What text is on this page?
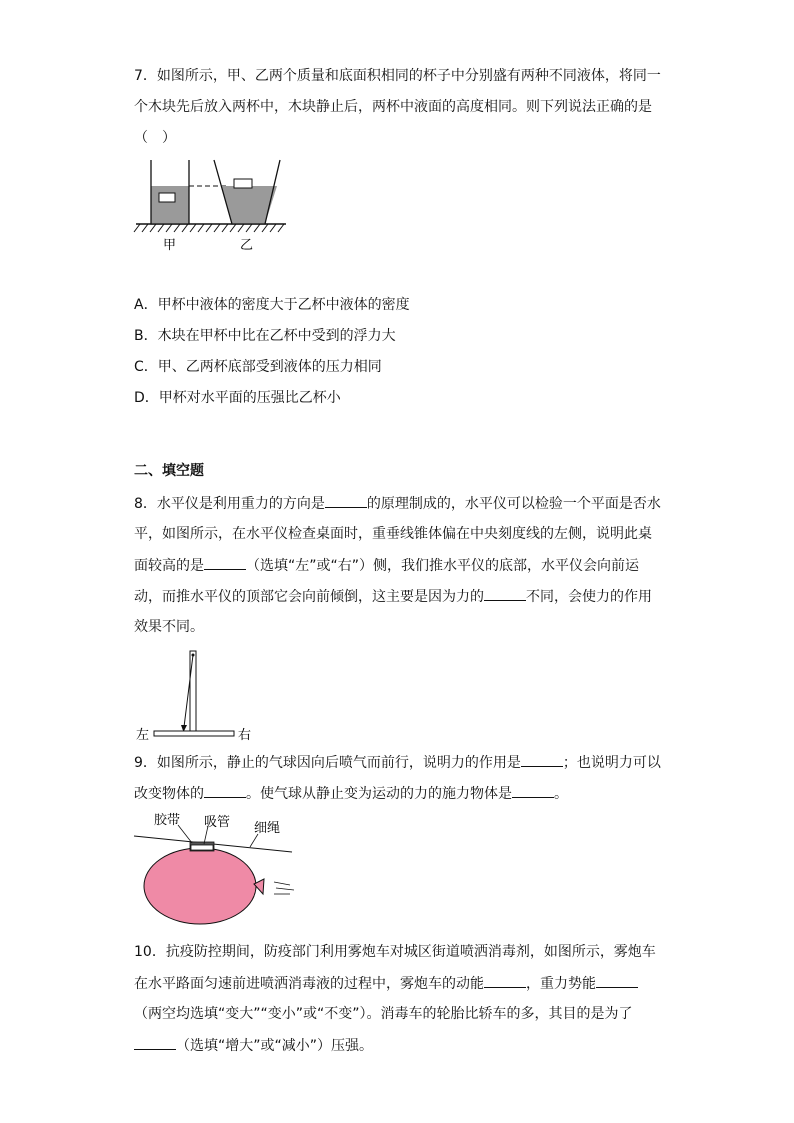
7．如图所示，甲、乙两个质量和底面积相同的杯子中分别盛有两种不同液体，将同一
个木块先后放入两杯中，木块静止后，两杯中液面的高度相同。则下列说法正确的是
（　）
甲	乙
A．甲杯中液体的密度大于乙杯中液体的密度
B．木块在甲杯中比在乙杯中受到的浮力大
C．甲、乙两杯底部受到液体的压力相同
D．甲杯对水平面的压强比乙杯小
二、填空题
8．水平仪是利用重力的方向是	的原理制成的，水平仪可以检验一个平面是否水
平，如图所示，在水平仪检查桌面时，重垂线锥体偏在中央刻度线的左侧，说明此桌
面较高的是	（选填“左”或“右”）侧，我们推水平仪的底部，水平仪会向前运
动，而推水平仪的顶部它会向前倾倒，这主要是因为力的	不同，会使力的作用
效果不同。
左	右
9．如图所示，静止的气球因向后喷气而前行，说明力的作用是	；也说明力可以
改变物体的	。使气球从静止变为运动的力的施力物体是	。
胶带 吸管 细绳
10．抗疫防控期间，防疫部门利用雾炮车对城区街道喷洒消毒剂，如图所示，雾炮车
在水平路面匀速前进喷洒消毒液的过程中，雾炮车的动能	，重力势能
（两空均选填“变大”“变小”或“不变”）。消毒车的轮胎比轿车的多，其目的是为了
（选填“增大”或“减小”）压强。
